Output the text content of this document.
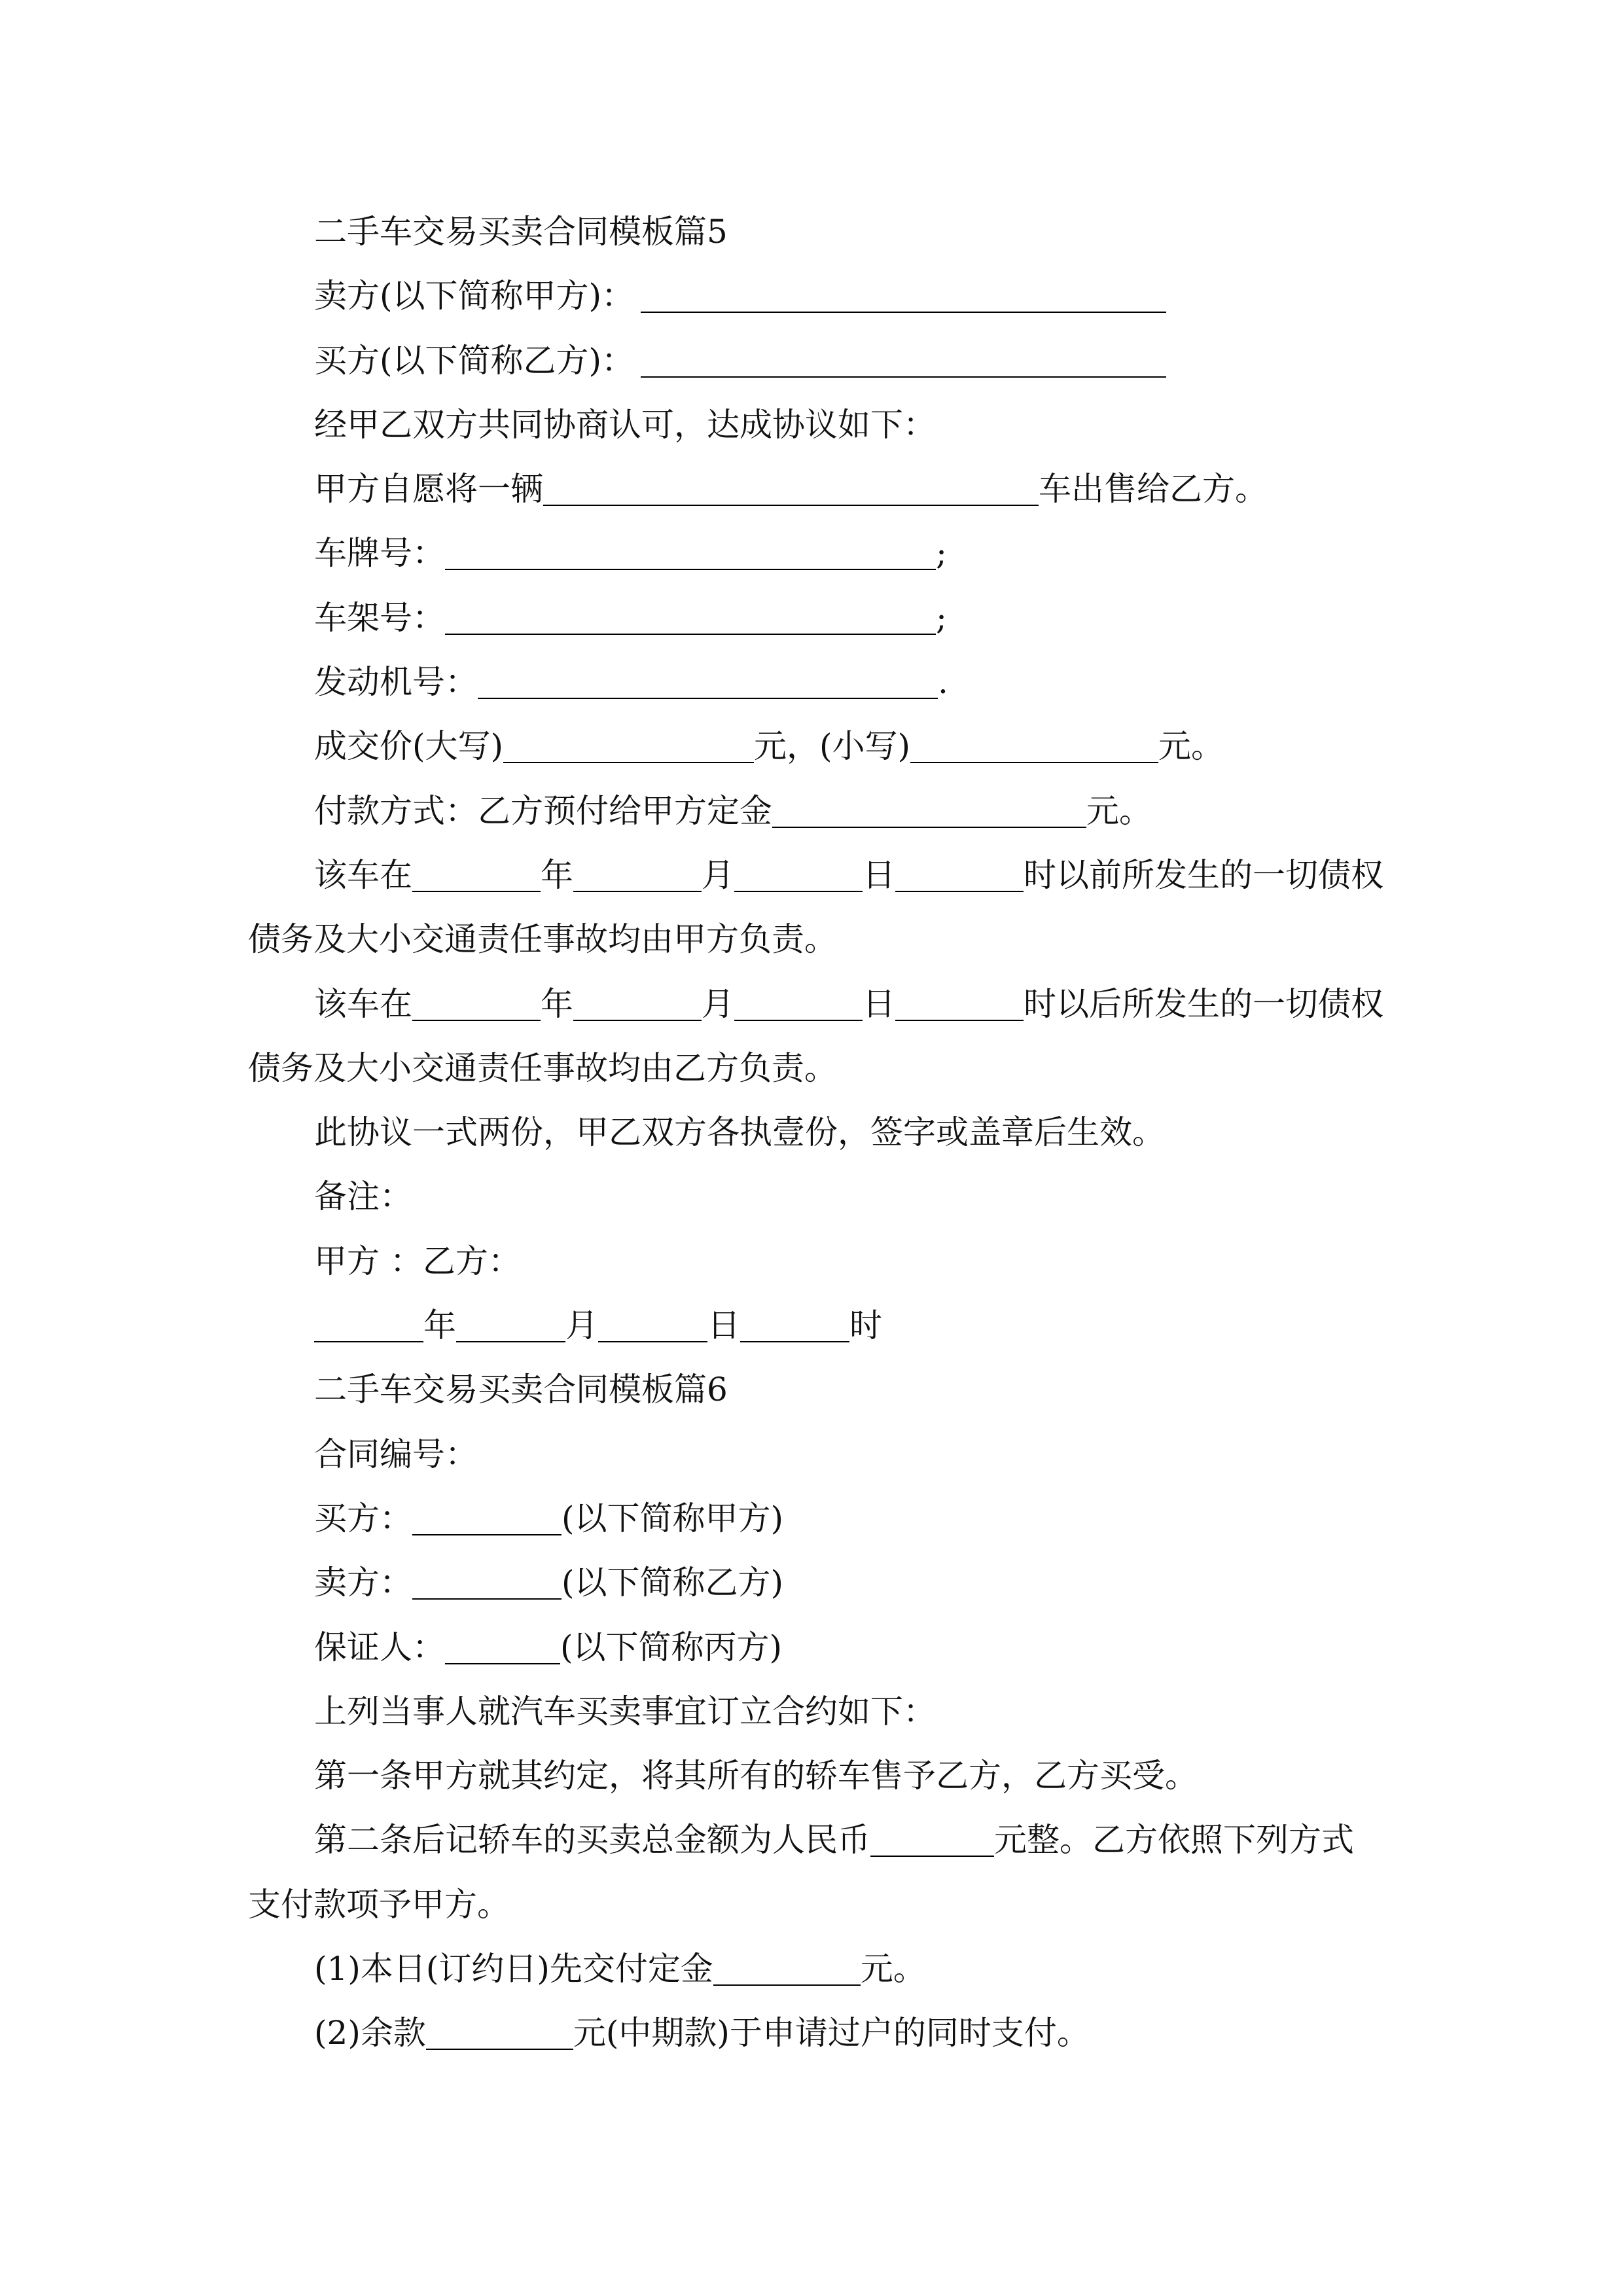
二手车交易买卖合同模板篇5
卖方(以下简称甲方)：
买方(以下简称乙方)：
经甲乙双方共同协商认可，达成协议如下：
甲方自愿将一辆	车出售给乙方。
车牌号：	;
车架号：	;
发动机号：	.
成交价(大写)	元，(小写)	元。
付款方式：乙方预付给甲方定金	元。
该车在	年	月	日	时以前所发生的一切债权
债务及大小交通责任事故均由甲方负责。
该车在	年	月	日	时以后所发生的一切债权
债务及大小交通责任事故均由乙方负责。
此协议一式两份，甲乙双方各执壹份，签字或盖章后生效。
备注：
甲方 ：乙方：
年	月	日	时
二手车交易买卖合同模板篇6
合同编号：
买方：	(以下简称甲方)
卖方：	(以下简称乙方)
保证人：	(以下简称丙方)
上列当事人就汽车买卖事宜订立合约如下：
第一条甲方就其约定，将其所有的轿车售予乙方，乙方买受。
第二条后记轿车的买卖总金额为人民币	元整。乙方依照下列方式
支付款项予甲方。
(1)本日(订约日)先交付定金	元。
(2)余款	元(中期款)于申请过户的同时支付。
